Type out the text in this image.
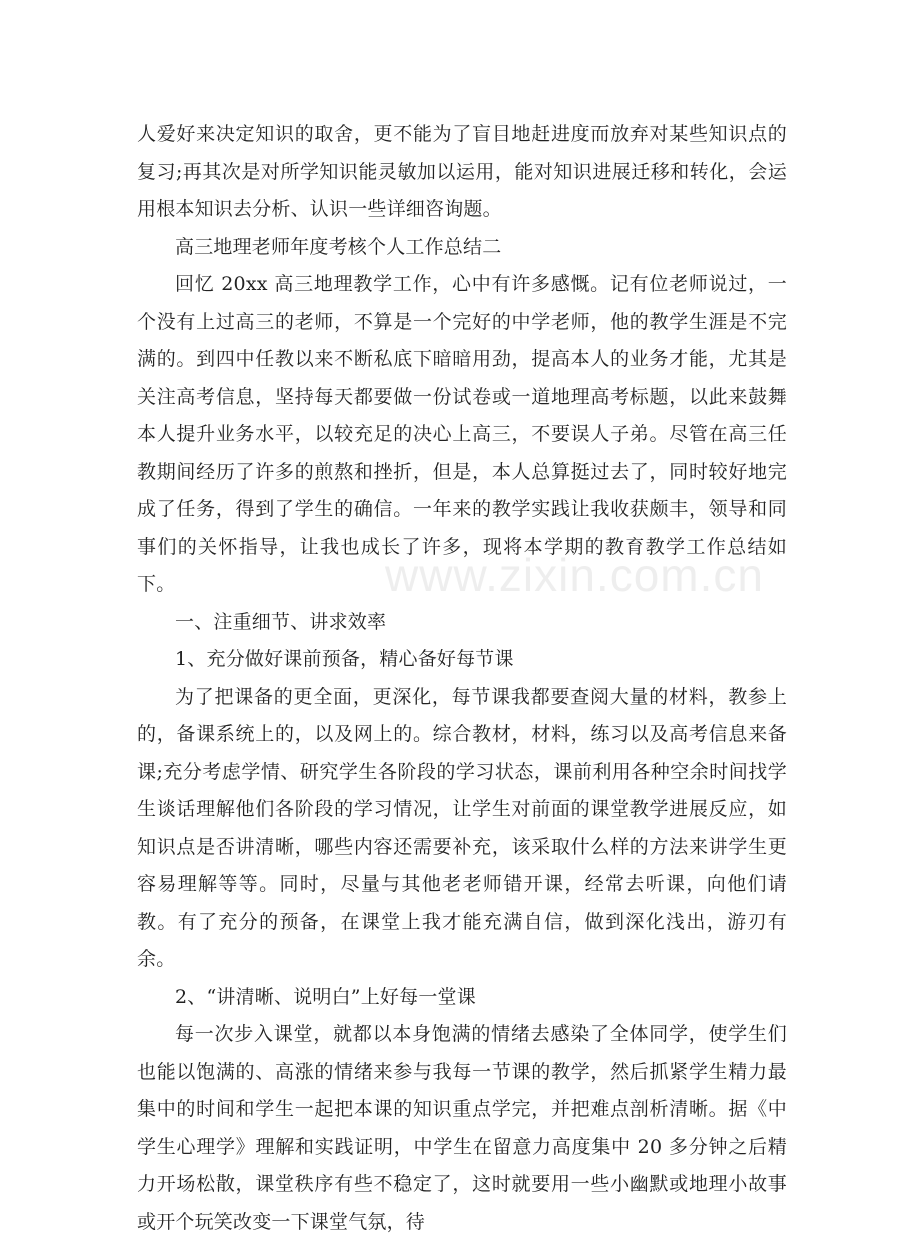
人爱好来决定知识的取舍，更不能为了盲目地赶进度而放弃对某些知识点的复习;再其次是对所学知识能灵敏加以运用，能对知识进展迁移和转化，会运用根本知识去分析、认识一些详细咨询题。

高三地理老师年度考核个人工作总结二

回忆 20xx 高三地理教学工作，心中有许多感慨。记有位老师说过，一个没有上过高三的老师，不算是一个完好的中学老师，他的教学生涯是不完满的。到四中任教以来不断私底下暗暗用劲，提高本人的业务才能，尤其是关注高考信息，坚持每天都要做一份试卷或一道地理高考标题，以此来鼓舞本人提升业务水平，以较充足的决心上高三，不要误人子弟。尽管在高三任教期间经历了许多的煎熬和挫折，但是，本人总算挺过去了，同时较好地完成了任务，得到了学生的确信。一年来的教学实践让我收获颇丰，领导和同事们的关怀指导，让我也成长了许多，现将本学期的教育教学工作总结如下。

一、注重细节、讲求效率

1、充分做好课前预备，精心备好每节课

为了把课备的更全面，更深化，每节课我都要查阅大量的材料，教参上的，备课系统上的，以及网上的。综合教材，材料，练习以及高考信息来备课;充分考虑学情、研究学生各阶段的学习状态，课前利用各种空余时间找学生谈话理解他们各阶段的学习情况，让学生对前面的课堂教学进展反应，如知识点是否讲清晰，哪些内容还需要补充，该采取什么样的方法来讲学生更容易理解等等。同时，尽量与其他老老师错开课，经常去听课，向他们请教。有了充分的预备，在课堂上我才能充满自信，做到深化浅出，游刃有余。

2、“讲清晰、说明白”上好每一堂课

每一次步入课堂，就都以本身饱满的情绪去感染了全体同学，使学生们也能以饱满的、高涨的情绪来参与我每一节课的教学，然后抓紧学生精力最集中的时间和学生一起把本课的知识重点学完，并把难点剖析清晰。据《中学生心理学》理解和实践证明，中学生在留意力高度集中 20 多分钟之后精力开场松散，课堂秩序有些不稳定了，这时就要用一些小幽默或地理小故事或开个玩笑改变一下课堂气氛，待

www.zixin.com.cn
